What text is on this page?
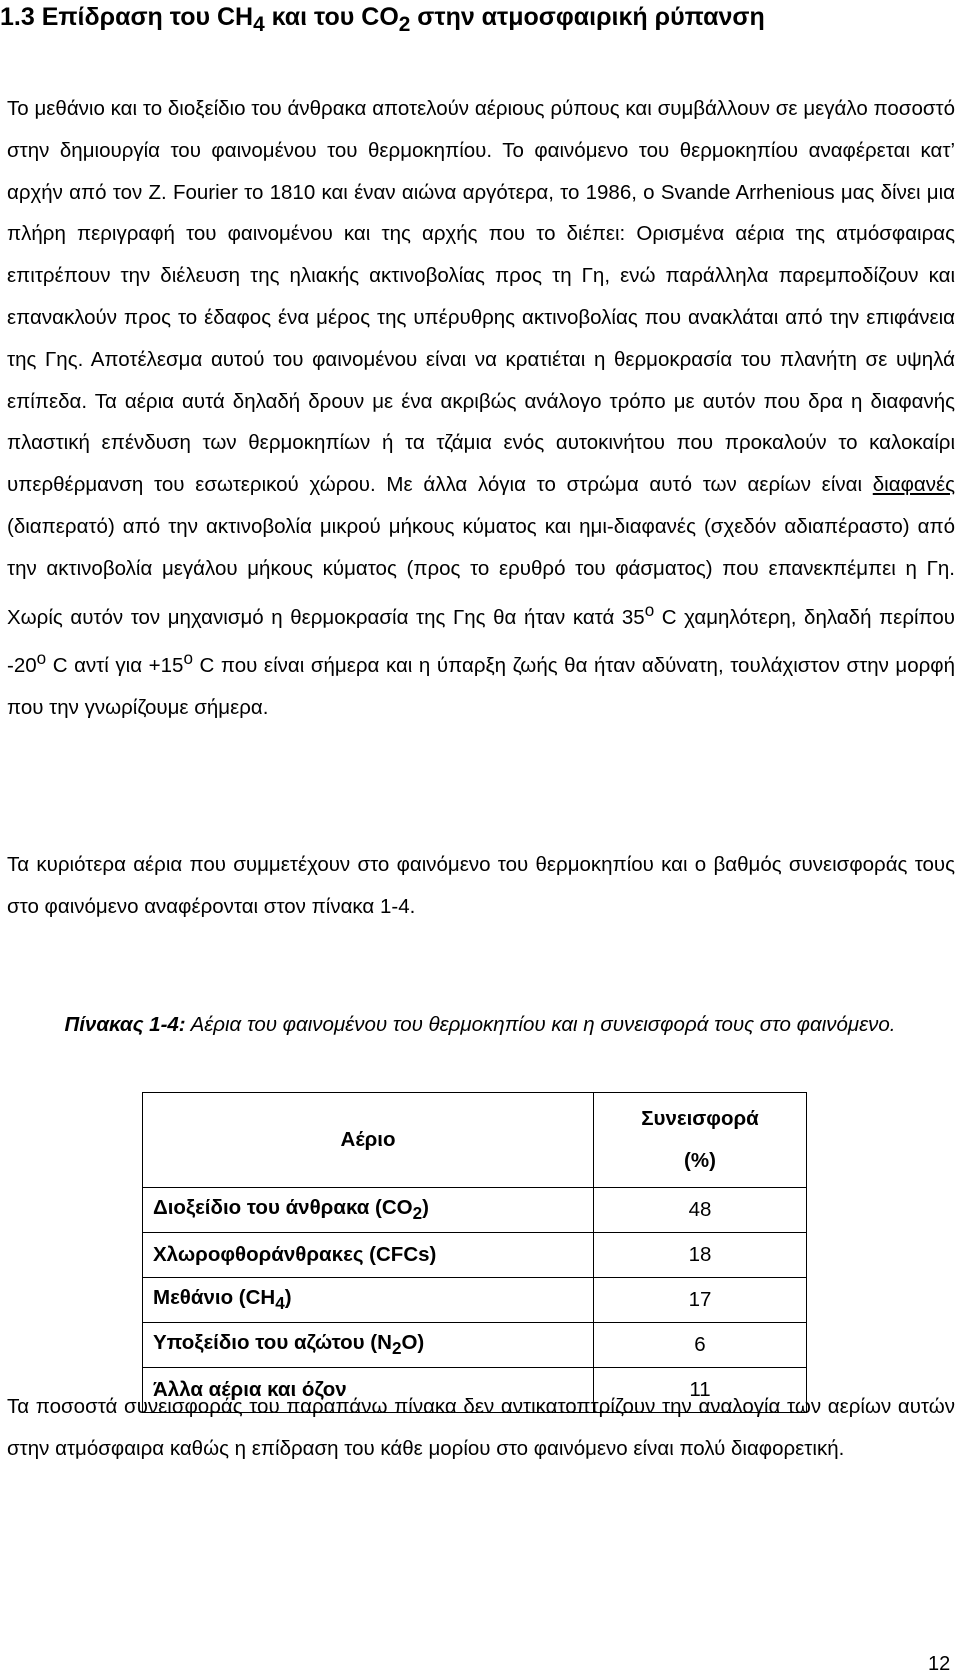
1.3 Επίδραση του $CH_4$ και του $CO_2$ στην ατμοσφαιρική ρύπανση

Το μεθάνιο και το διοξείδιο του άνθρακα αποτελούν αέριους ρύπους και συμβάλλουν σε μεγάλο ποσοστό στην δημιουργία του φαινομένου του θερμοκηπίου. Το φαινόμενο του θερμοκηπίου αναφέρεται κατ’ αρχήν από τον Ζ. Fourier το 1810 και έναν αιώνα αργότερα, το 1986, ο Svande Arrhenious μας δίνει μια πλήρη περιγραφή του φαινομένου και της αρχής που το διέπει: Ορισμένα αέρια της ατμόσφαιρας επιτρέπουν την διέλευση της ηλιακής ακτινοβολίας προς τη Γη, ενώ παράλληλα παρεμποδίζουν και επανακλούν προς το έδαφος ένα μέρος της υπέρυθρης ακτινοβολίας που ανακλάται από την επιφάνεια της Γης. Αποτέλεσμα αυτού του φαινομένου είναι να κρατιέται η θερμοκρασία του πλανήτη σε υψηλά επίπεδα. Τα αέρια αυτά δηλαδή δρουν με ένα ακριβώς ανάλογο τρόπο με αυτόν που δρα η διαφανής πλαστική επένδυση των θερμοκηπίων ή τα τζάμια ενός αυτοκινήτου που προκαλούν το καλοκαίρι υπερθέρμανση του εσωτερικού χώρου. Με άλλα λόγια το στρώμα αυτό των αερίων είναι διαφανές (διαπερατό) από την ακτινοβολία μικρού μήκους κύματος και ημι-διαφανές (σχεδόν αδιαπέραστο) από την ακτινοβολία μεγάλου μήκους κύματος (προς το ερυθρό του φάσματος) που επανεκπέμπει η Γη. Χωρίς αυτόν τον μηχανισμό η θερμοκρασία της Γης θα ήταν κατά $35^o$ C χαμηλότερη, δηλαδή περίπου $-20^o$ C αντί $\gamma\iota\alpha +15^o$ C που είναι σήμερα και η ύπαρξη ζωής θα ήταν αδύνατη, τουλάχιστον στην μορφή που την γνωρίζουμε σήμερα.

Τα κυριότερα αέρια που συμμετέχουν στο φαινόμενο του θερμοκηπίου και ο βαθμός συνεισφοράς τους στο φαινόμενο αναφέρονται στον πίνακα 1-4.

Πίνακας 1-4: Αέρια του φαινομένου του θερμοκηπίου και η συνεισφορά τους στο φαινόμενο.

Αέριο	Συνεισφορά
(%)
Διοξείδιο του άνθρακα $(CO_2)$	48
Χλωροφθοράνθρακες (CFCs)	18
Μεθάνιο $(CH_4)$	17
Υποξείδιο του αζώτου $(N_2O)$	6
Άλλα αέρια και όζον	11

Τα ποσοστά συνεισφοράς του παραπάνω πίνακα δεν αντικατοπτρίζουν την αναλογία των αερίων αυτών στην ατμόσφαιρα καθώς η επίδραση του κάθε μορίου στο φαινόμενο είναι πολύ διαφορετική.

12
